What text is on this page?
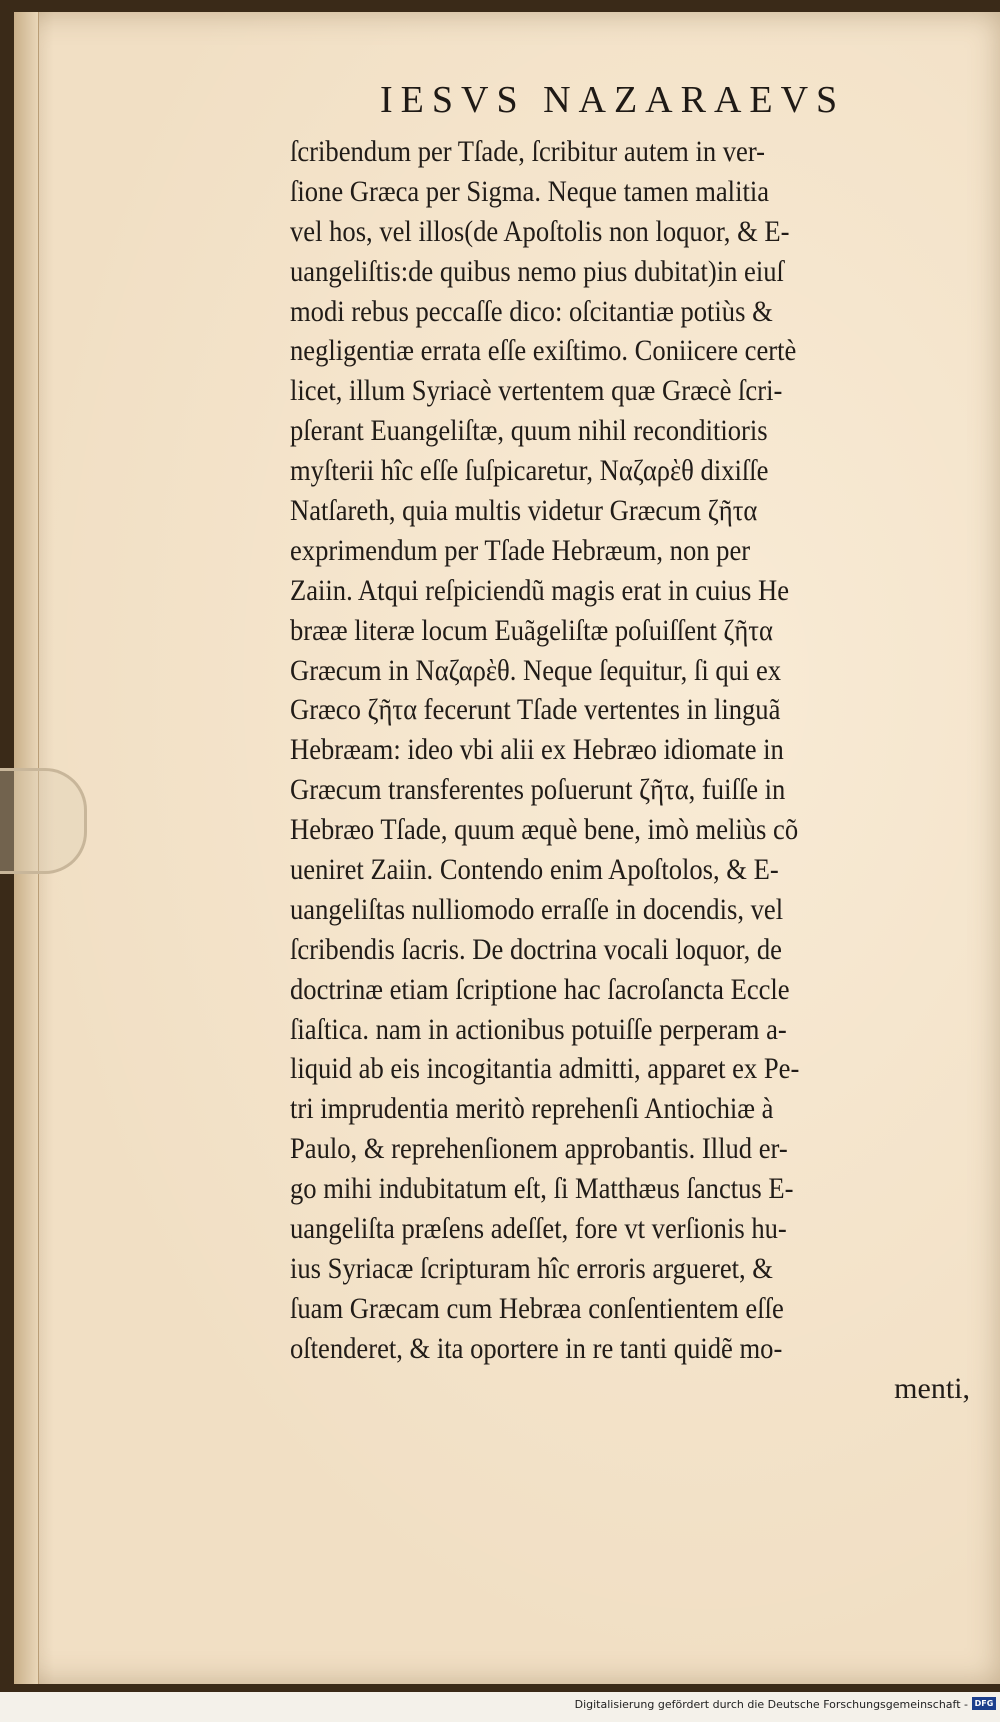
IESVS NAZARAEVS
ſcribendum per Tſade, ſcribitur autem in ver-
ſione Græca per Sigma. Neque tamen malitia
vel hos, vel illos(de Apoſtolis non loquor, & E-
uangeliſtis:de quibus nemo pius dubitat)in eiuſ
modi rebus peccaſſe dico: oſcitantiæ potiùs &
negligentiæ errata eſſe exiſtimo. Coniicere certè
licet, illum Syriacè vertentem quæ Græcè ſcri-
pſerant Euangeliſtæ, quum nihil reconditioris
myſterii hîc eſſe ſuſpicaretur, Ναζαρὲθ dixiſſe
Natſareth, quia multis videtur Græcum ζῆτα
exprimendum per Tſade Hebræum, non per
Zaiin. Atqui reſpiciendũ magis erat in cuius He
brææ literæ locum Euãgeliſtæ poſuiſſent ζῆτα
Græcum in Ναζαρὲθ. Neque ſequitur, ſi qui ex
Græco ζῆτα fecerunt Tſade vertentes in linguã
Hebræam: ideo vbi alii ex Hebræo idiomate in
Græcum transferentes poſuerunt ζῆτα, fuiſſe in
Hebræo Tſade, quum æquè bene, imò meliùs cõ
ueniret Zaiin. Contendo enim Apoſtolos, & E-
uangeliſtas nulliomodo erraſſe in docendis, vel
ſcribendis ſacris. De doctrina vocali loquor, de
doctrinæ etiam ſcriptione hac ſacroſancta Eccle
ſiaſtica. nam in actionibus potuiſſe perperam a-
liquid ab eis incogitantia admitti, apparet ex Pe-
tri imprudentia meritò reprehenſi Antiochiæ à
Paulo, & reprehenſionem approbantis. Illud er-
go mihi indubitatum eſt, ſi Matthæus ſanctus E-
uangeliſta præſens adeſſet, fore vt verſionis hu-
ius Syriacæ ſcripturam hîc erroris argueret, &
ſuam Græcam cum Hebræa conſentientem eſſe
oſtenderet, & ita oportere in re tanti quidẽ mo-
menti,
Digitalisierung gefördert durch die Deutsche Forschungsgemeinschaft - DFG
